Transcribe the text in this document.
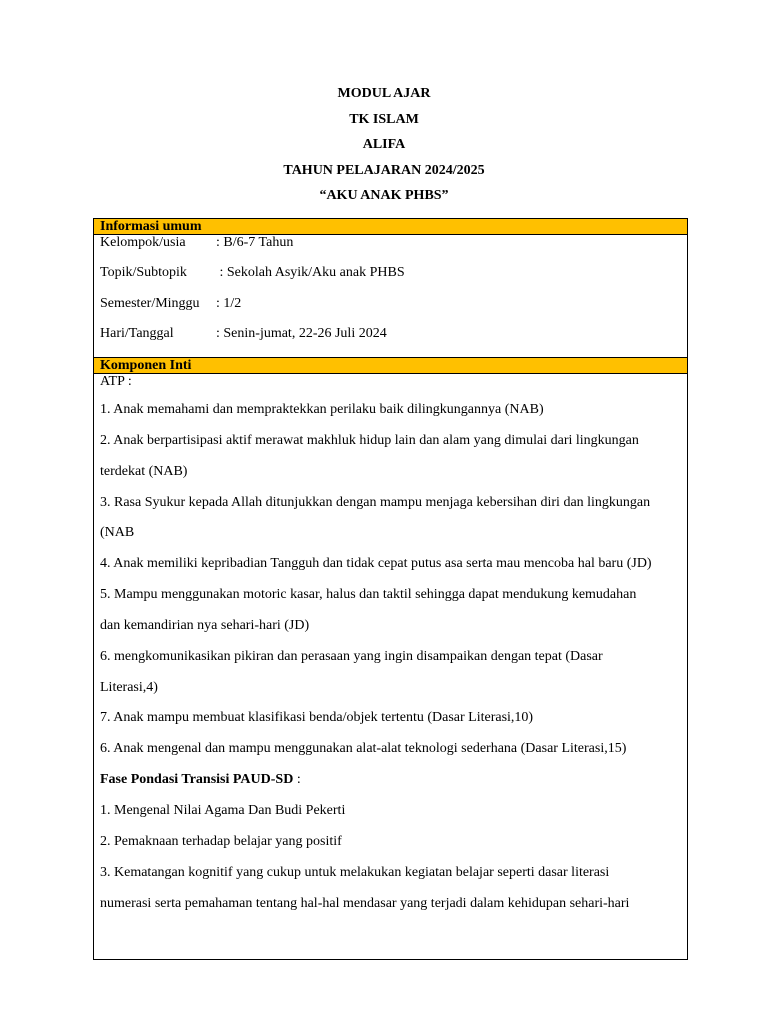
MODUL AJAR
TK ISLAM
ALIFA
TAHUN PELAJARAN 2024/2025
“AKU ANAK PHBS”
Informasi umum
Kelompok/usia	: B/6-7 Tahun
Topik/Subtopik	: Sekolah Asyik/Aku anak PHBS
Semester/Minggu	: 1/2
Hari/Tanggal	: Senin-jumat, 22-26 Juli 2024
Komponen Inti
ATP :
1. Anak memahami dan mempraktekkan perilaku baik dilingkungannya (NAB)
2. Anak berpartisipasi aktif merawat makhluk hidup lain dan alam yang dimulai dari lingkungan
terdekat (NAB)
3. Rasa Syukur kepada Allah ditunjukkan dengan mampu menjaga kebersihan diri dan lingkungan
(NAB
4. Anak memiliki kepribadian Tangguh dan tidak cepat putus asa serta mau mencoba hal baru (JD)
5. Mampu menggunakan motoric kasar, halus dan taktil sehingga dapat mendukung kemudahan
dan kemandirian nya sehari-hari (JD)
6. mengkomunikasikan pikiran dan perasaan yang ingin disampaikan dengan tepat (Dasar
Literasi,4)
7. Anak mampu membuat klasifikasi benda/objek tertentu (Dasar Literasi,10)
6. Anak mengenal dan mampu menggunakan alat-alat teknologi sederhana (Dasar Literasi,15)
Fase Pondasi Transisi PAUD-SD :
1. Mengenal Nilai Agama Dan Budi Pekerti
2. Pemaknaan terhadap belajar yang positif
3. Kematangan kognitif yang cukup untuk melakukan kegiatan belajar seperti dasar literasi
numerasi serta pemahaman tentang hal-hal mendasar yang terjadi dalam kehidupan sehari-hari
